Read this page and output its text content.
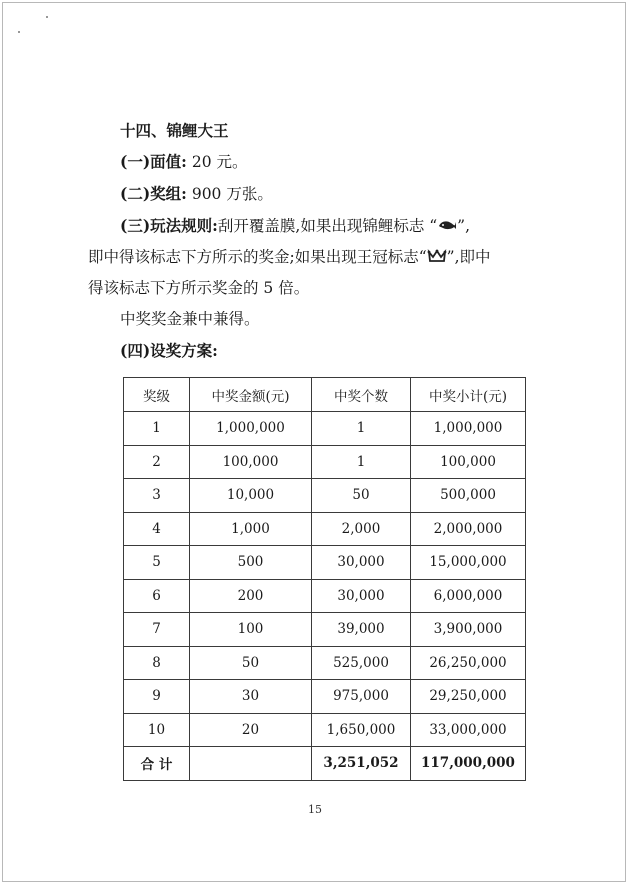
十四、锦鲤大王

(一)面值: 20 元。

(二)奖组: 900 万张。

(三)玩法规则:刮开覆盖膜,如果出现锦鲤标志 “ ”,

即中得该标志下方所示的奖金;如果出现王冠标志“ ”,即中

得该标志下方所示奖金的 5 倍。

中奖奖金兼中兼得。

(四)设奖方案:

奖级	中奖金额(元)	中奖个数	中奖小计(元)
1	1,000,000	1	1,000,000
2	100,000	1	100,000
3	10,000	50	500,000
4	1,000	2,000	2,000,000
5	500	30,000	15,000,000
6	200	30,000	6,000,000
7	100	39,000	3,900,000
8	50	525,000	26,250,000
9	30	975,000	29,250,000
10	20	1,650,000	33,000,000
合 计		3,251,052	117,000,000
15
